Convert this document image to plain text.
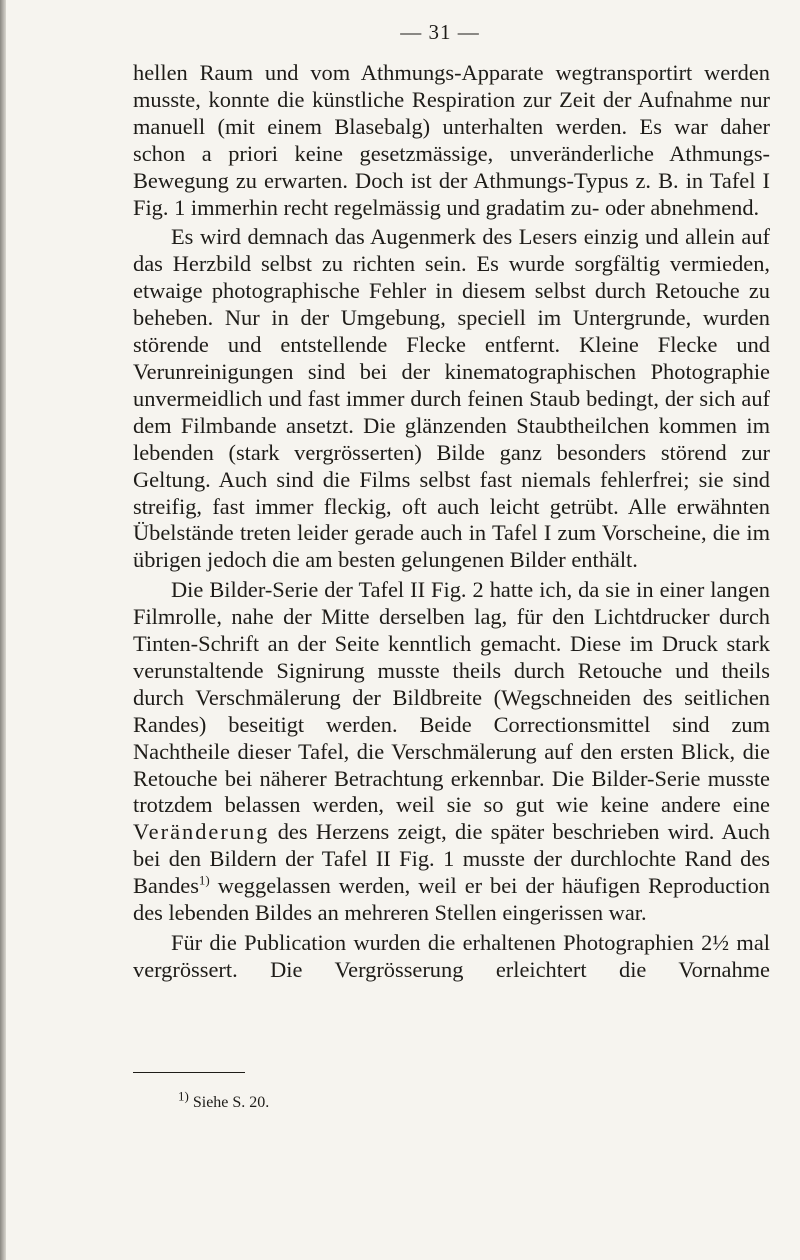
— 31 —

hellen Raum und vom Athmungs-Apparate wegtransportirt werden musste, konnte die künstliche Respiration zur Zeit der Aufnahme nur manuell (mit einem Blasebalg) unterhalten werden. Es war daher schon a priori keine gesetzmässige, unveränderliche Athmungs-Bewegung zu erwarten. Doch ist der Athmungs-Typus z. B. in Tafel I Fig. 1 immerhin recht regelmässig und gradatim zu- oder abnehmend.

Es wird demnach das Augenmerk des Lesers einzig und allein auf das Herzbild selbst zu richten sein. Es wurde sorgfältig vermieden, etwaige photographische Fehler in diesem selbst durch Retouche zu beheben. Nur in der Umgebung, speciell im Untergrunde, wurden störende und entstellende Flecke entfernt. Kleine Flecke und Verunreinigungen sind bei der kinematographischen Photographie unvermeidlich und fast immer durch feinen Staub bedingt, der sich auf dem Filmbande ansetzt. Die glänzenden Staubtheilchen kommen im lebenden (stark vergrösserten) Bilde ganz besonders störend zur Geltung. Auch sind die Films selbst fast niemals fehlerfrei; sie sind streifig, fast immer fleckig, oft auch leicht getrübt. Alle erwähnten Übelstände treten leider gerade auch in Tafel I zum Vorscheine, die im übrigen jedoch die am besten gelungenen Bilder enthält.

Die Bilder-Serie der Tafel II Fig. 2 hatte ich, da sie in einer langen Filmrolle, nahe der Mitte derselben lag, für den Lichtdrucker durch Tinten-Schrift an der Seite kenntlich gemacht. Diese im Druck stark verunstaltende Signirung musste theils durch Retouche und theils durch Verschmälerung der Bildbreite (Wegschneiden des seitlichen Randes) beseitigt werden. Beide Correctionsmittel sind zum Nachtheile dieser Tafel, die Verschmälerung auf den ersten Blick, die Retouche bei näherer Betrachtung erkennbar. Die Bilder-Serie musste trotzdem belassen werden, weil sie so gut wie keine andere eine Veränderung des Herzens zeigt, die später beschrieben wird. Auch bei den Bildern der Tafel II Fig. 1 musste der durchlochte Rand des Bandes$^{1)}$ weggelassen werden, weil er bei der häufigen Reproduction des lebenden Bildes an mehreren Stellen eingerissen war.

Für die Publication wurden die erhaltenen Photographien 2½ mal vergrössert. Die Vergrösserung erleichtert die Vornahme

$^{1)}$ Siehe S. 20.
